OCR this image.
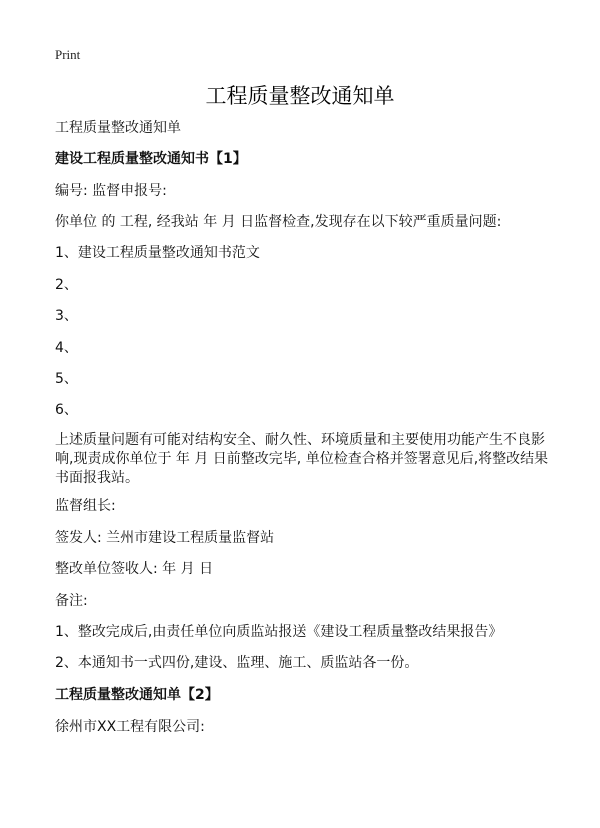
Print
工程质量整改通知单
工程质量整改通知单
建设工程质量整改通知书【1】
编号: 监督申报号:
你单位 的 工程, 经我站 年 月 日监督检查,发现存在以下较严重质量问题:
1、建设工程质量整改通知书范文
2、
3、
4、
5、
6、
上述质量问题有可能对结构安全、耐久性、环境质量和主要使用功能产生不良影响,现责成你单位于 年 月 日前整改完毕, 单位检查合格并签署意见后,将整改结果书面报我站。
监督组长:
签发人: 兰州市建设工程质量监督站
整改单位签收人: 年 月 日
备注:
1、整改完成后,由责任单位向质监站报送《建设工程质量整改结果报告》
2、本通知书一式四份,建设、监理、施工、质监站各一份。
工程质量整改通知单【2】
徐州市XX工程有限公司:
